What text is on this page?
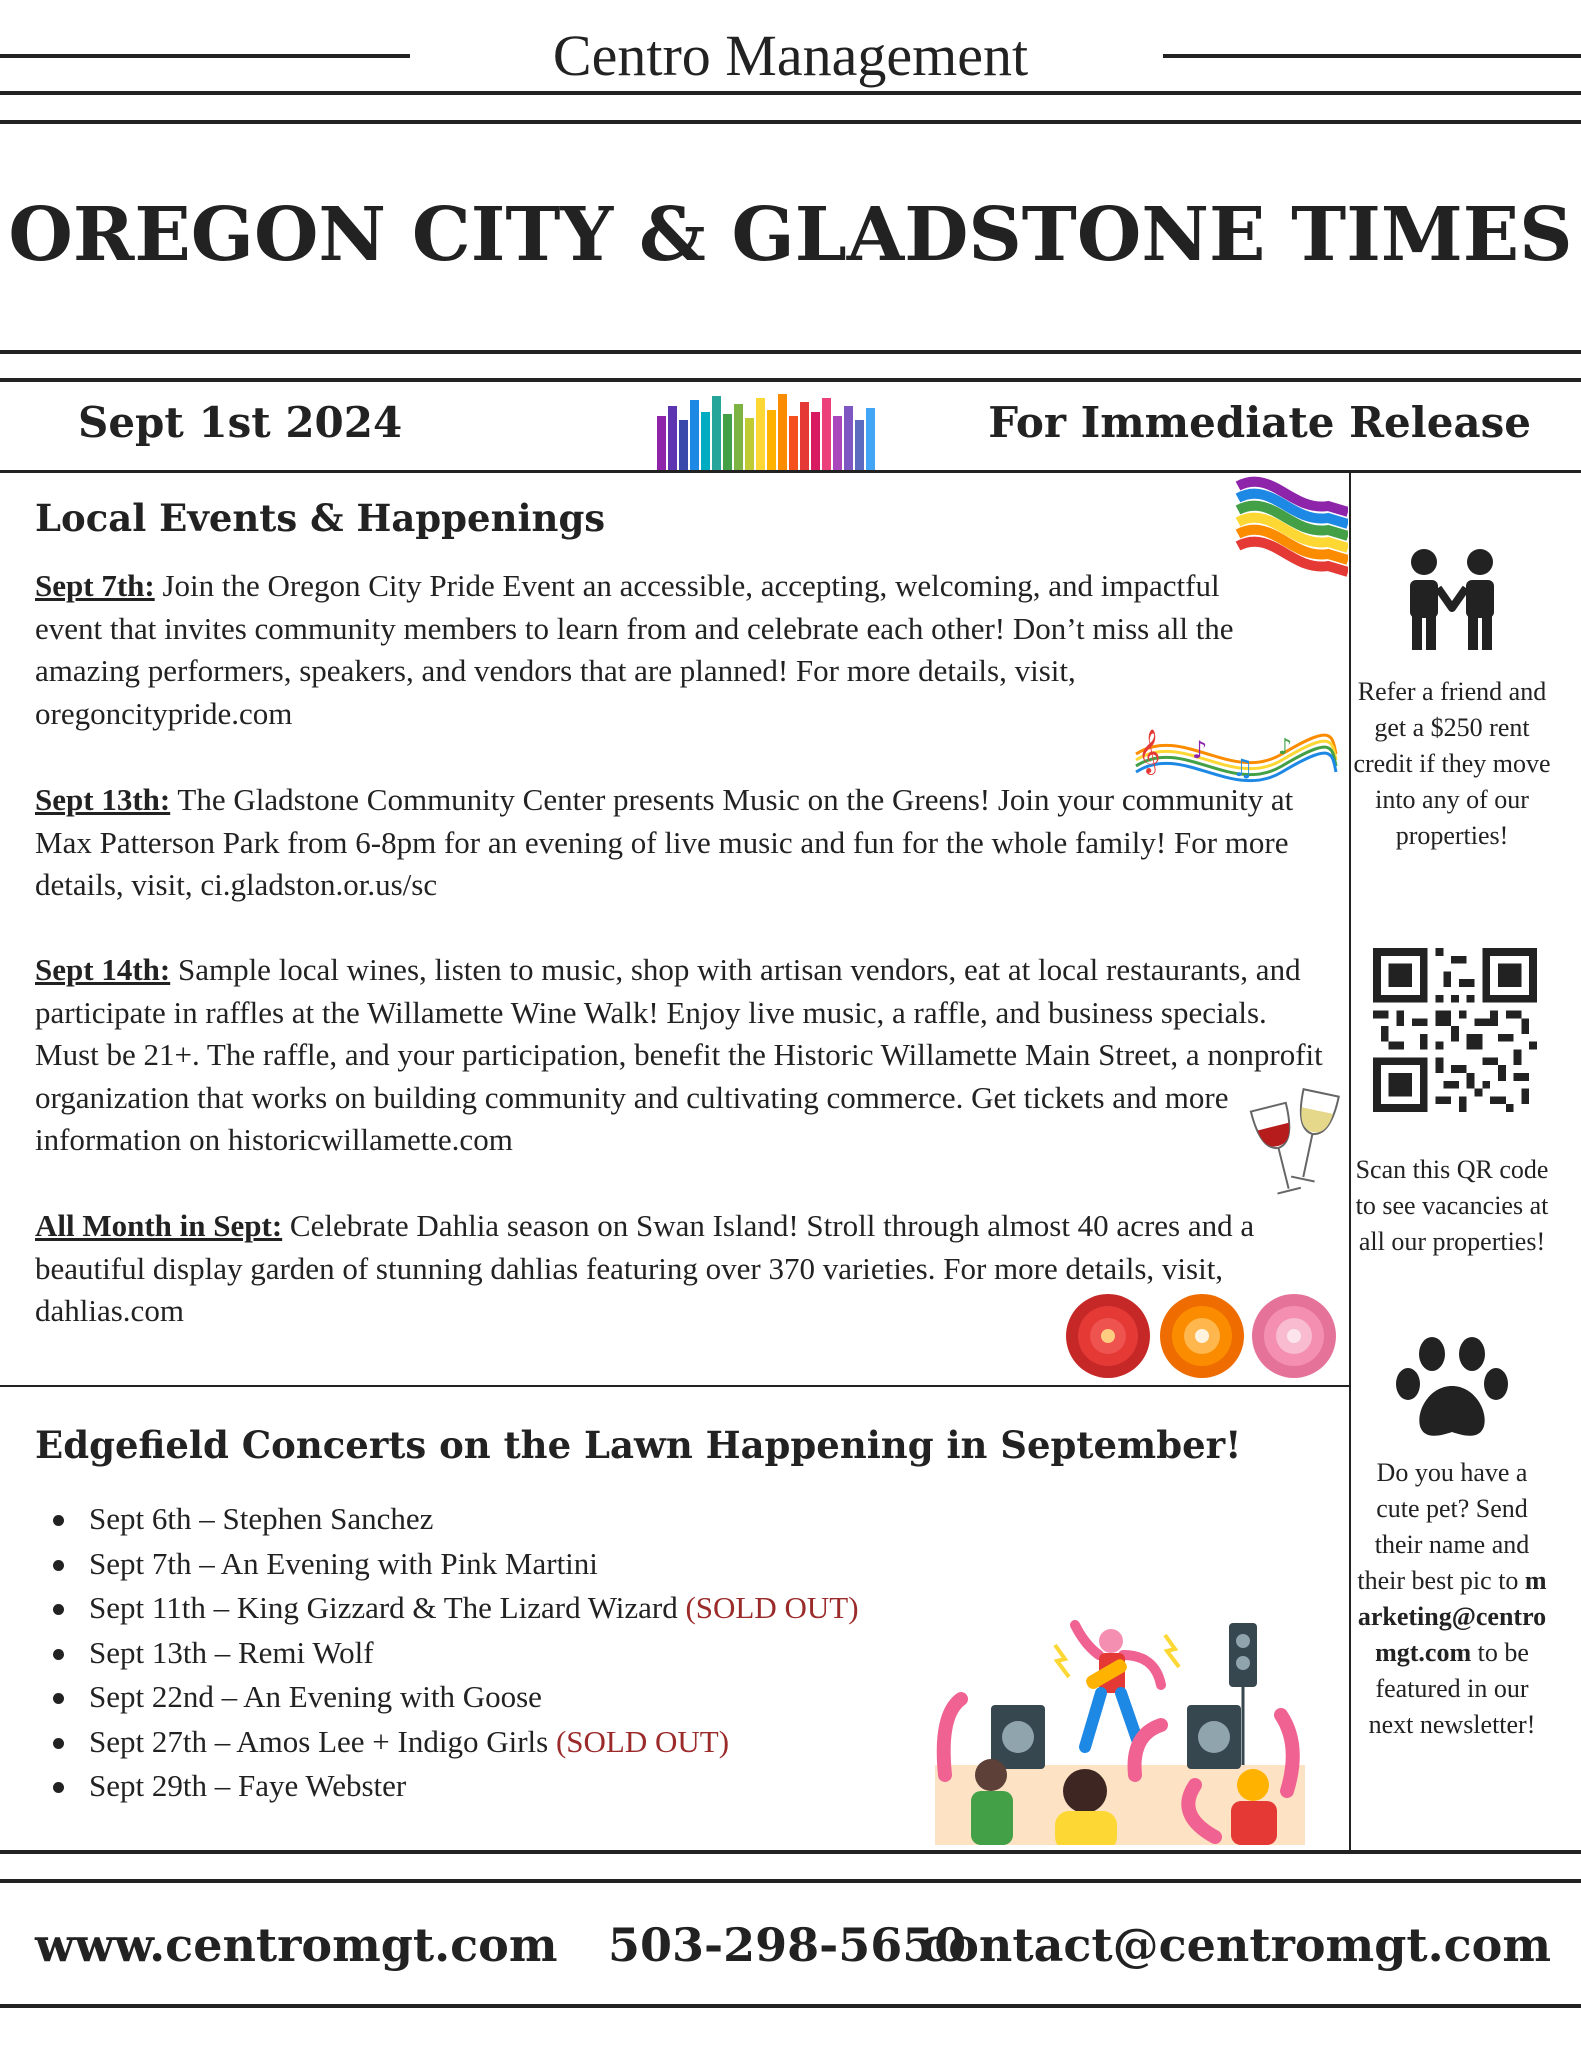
Centro Management
OREGON CITY & GLADSTONE TIMES
Sept 1st 2024	For Immediate Release
Local Events & Happenings
Sept 7th: Join the Oregon City Pride Event an accessible, accepting, welcoming, and impactful event that invites community members to learn from and celebrate each other! Don’t miss all the amazing performers, speakers, and vendors that are planned! For more details, visit, oregoncitypride.com
𝄞 ♪
♫
♪
Sept 13th: The Gladstone Community Center presents Music on the Greens! Join your community at Max Patterson Park from 6-8pm for an evening of live music and fun for the whole family! For more details, visit, ci.gladston.or.us/sc
Sept 14th: Sample local wines, listen to music, shop with artisan vendors, eat at local restaurants, and participate in raffles at the Willamette Wine Walk! Enjoy live music, a raffle, and business specials. Must be 21+. The raffle, and your participation, benefit the Historic Willamette Main Street, a nonprofit organization that works on building community and cultivating commerce. Get tickets and more information on historicwillamette.com
All Month in Sept: Celebrate Dahlia season on Swan Island! Stroll through almost 40 acres and a beautiful display garden of stunning dahlias featuring over 370 varieties. For more details, visit, dahlias.com
Edgefield Concerts on the Lawn Happening in September!
Sept 6th – Stephen Sanchez
Sept 7th – An Evening with Pink Martini
Sept 11th – King Gizzard & The Lizard Wizard (SOLD OUT)
Sept 13th – Remi Wolf
Sept 22nd – An Evening with Goose
Sept 27th – Amos Lee + Indigo Girls (SOLD OUT)
Sept 29th – Faye Webster
Refer a friend and get a $250 rent credit if they move into any of our properties!
Scan this QR code to see vacancies at all our properties!
Do you have a cute pet? Send their name and their best pic to marketing@centromgt.com to be featured in our next newsletter!
www.centromgt.com 503-298-5650
contact@centromgt.com
